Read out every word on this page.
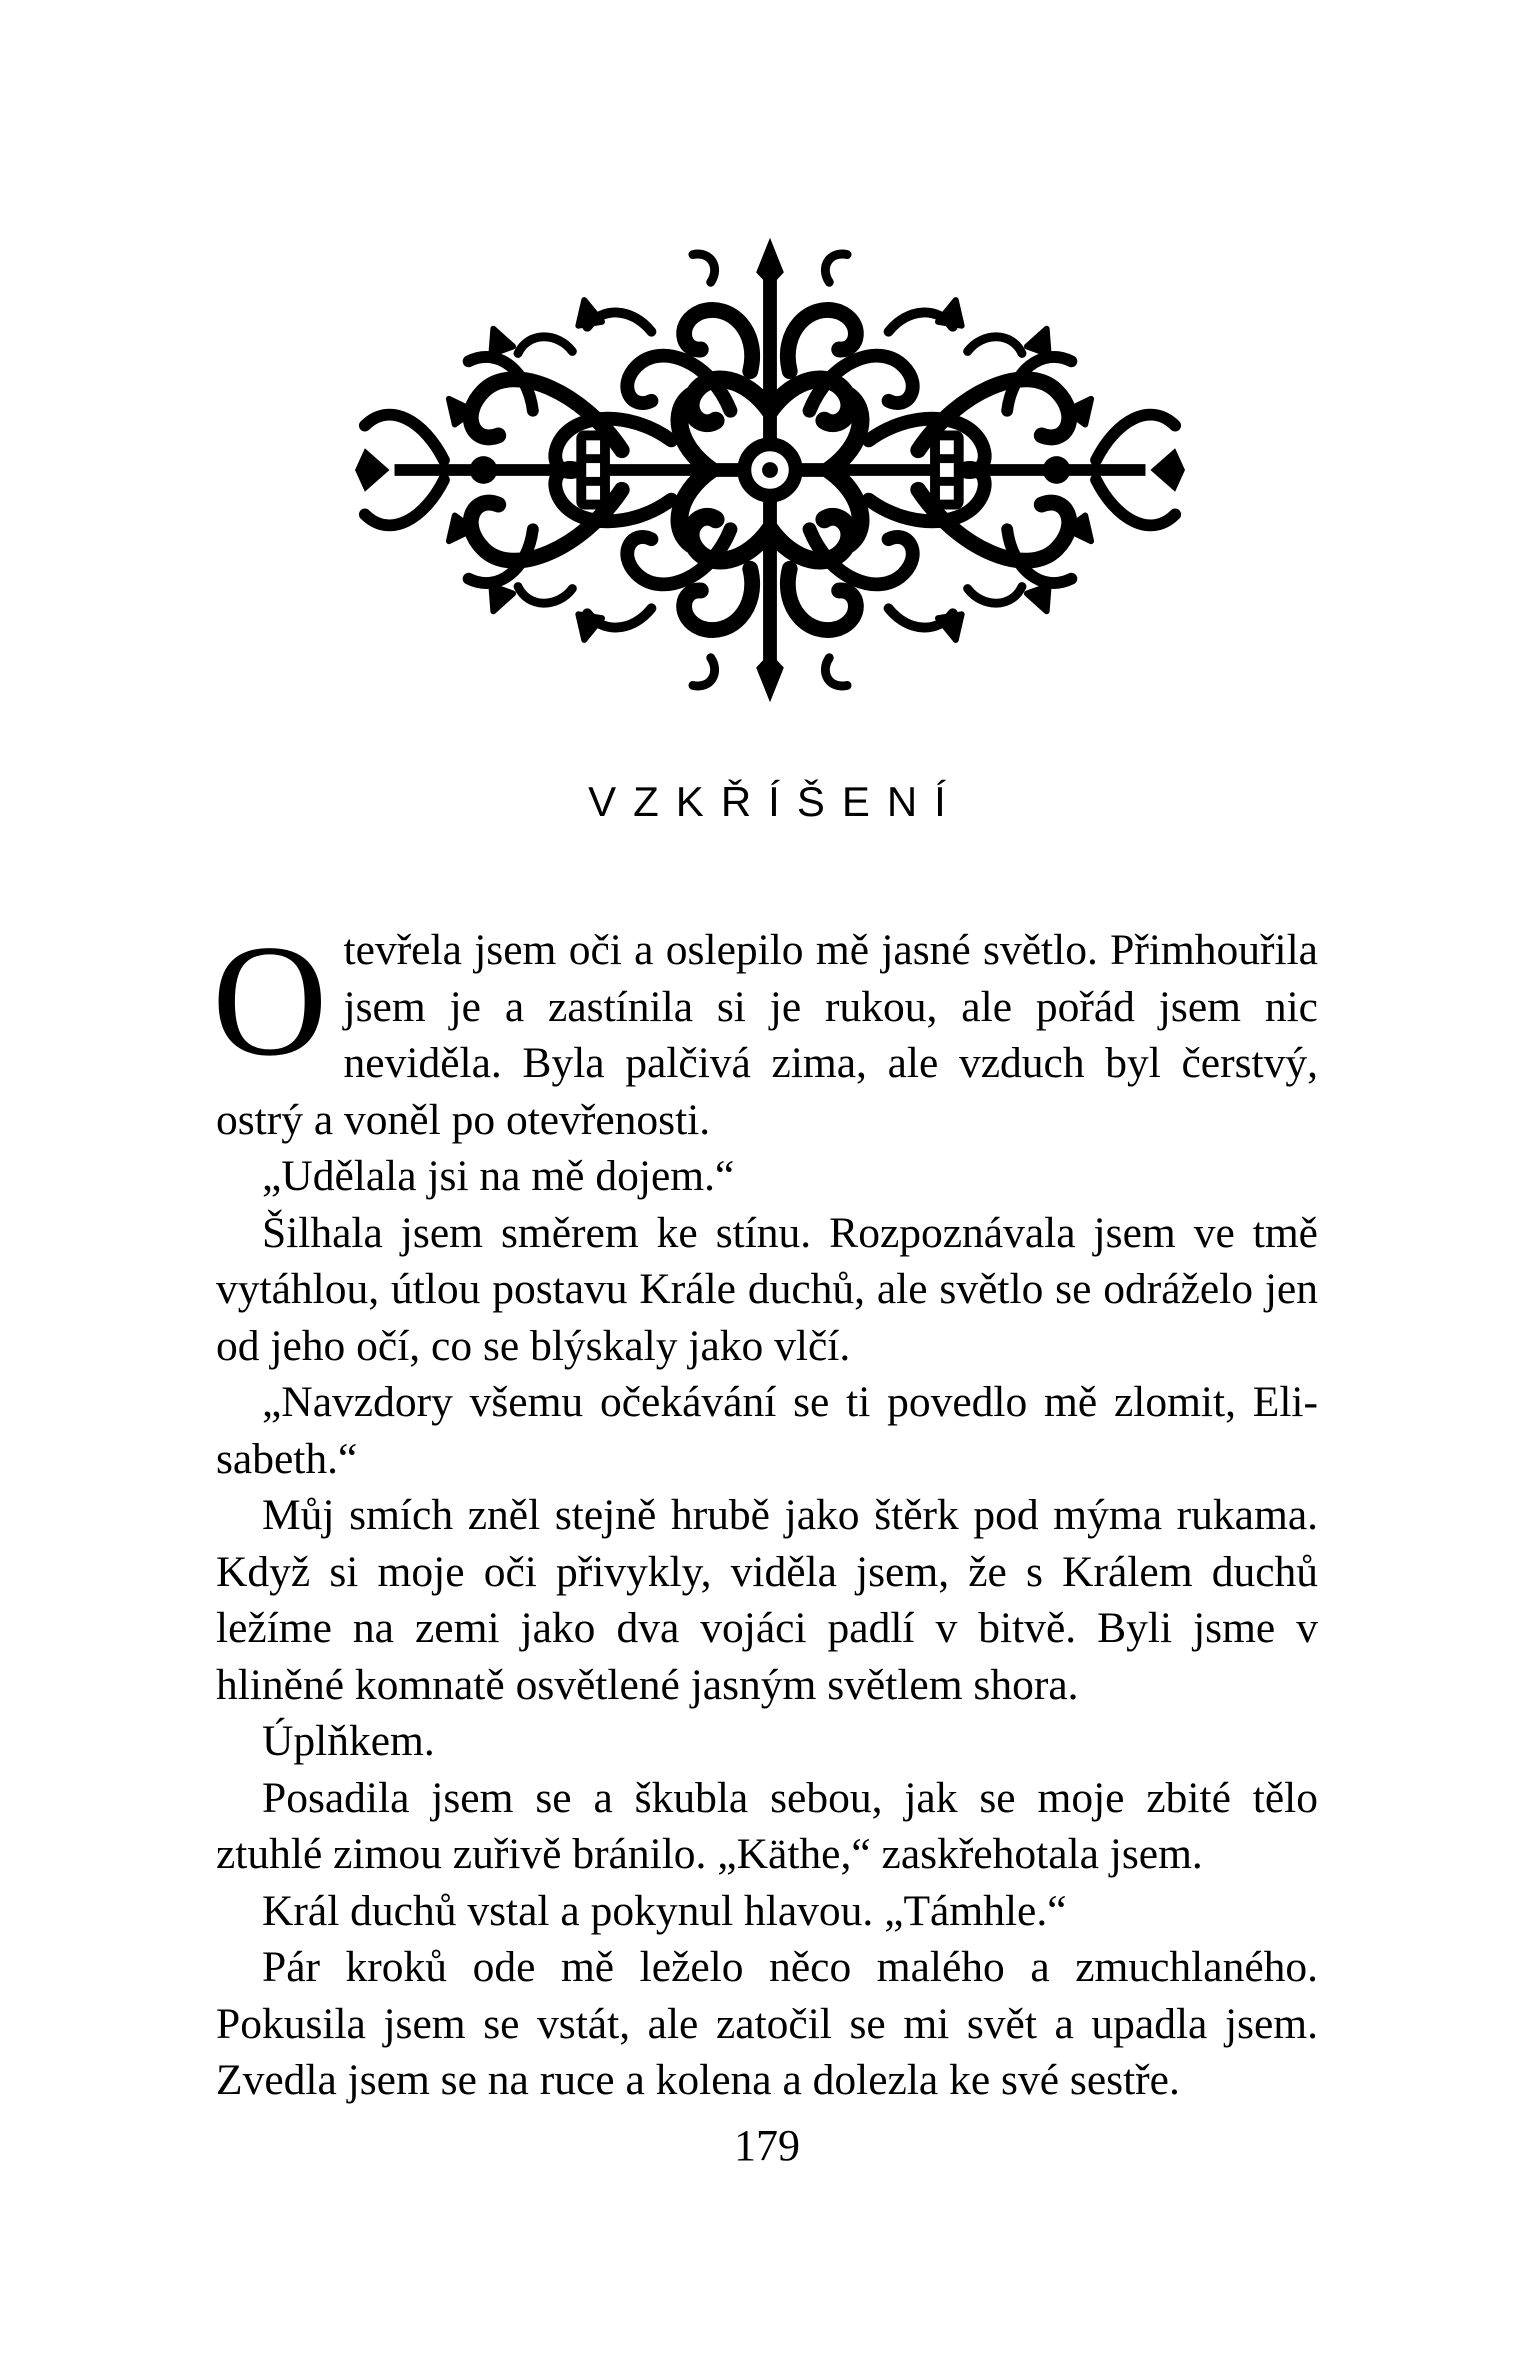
VZKŘÍŠENÍ

Otevřela jsem oči a oslepilo mě jasné světlo. Přimhouřila jsem je a zastínila si je rukou, ale pořád jsem nic neviděla. Byla palčivá zima, ale vzduch byl čerstvý, ostrý a voněl po otevřenosti.

„Udělala jsi na mě dojem.“

Šilhala jsem směrem ke stínu. Rozpoznávala jsem ve tmě vytáhlou, útlou postavu Krále duchů, ale světlo se odráželo jen od jeho očí, co se blýskaly jako vlčí.

„Navzdory všemu očekávání se ti povedlo mě zlomit, Elisabeth.“

Můj smích zněl stejně hrubě jako štěrk pod mýma rukama. Když si moje oči přivykly, viděla jsem, že s Králem duchů ležíme na zemi jako dva vojáci padlí v bitvě. Byli jsme v hliněné komnatě osvětlené jasným světlem shora.

Úplňkem.

Posadila jsem se a škubla sebou, jak se moje zbité tělo ztuhlé zimou zuřivě bránilo. „Käthe,“ zaskřehotala jsem.

Král duchů vstal a pokynul hlavou. „Támhle.“

Pár kroků ode mě leželo něco malého a zmuchlaného. Pokusila jsem se vstát, ale zatočil se mi svět a upadla jsem. Zvedla jsem se na ruce a kolena a dolezla ke své sestře.

179
